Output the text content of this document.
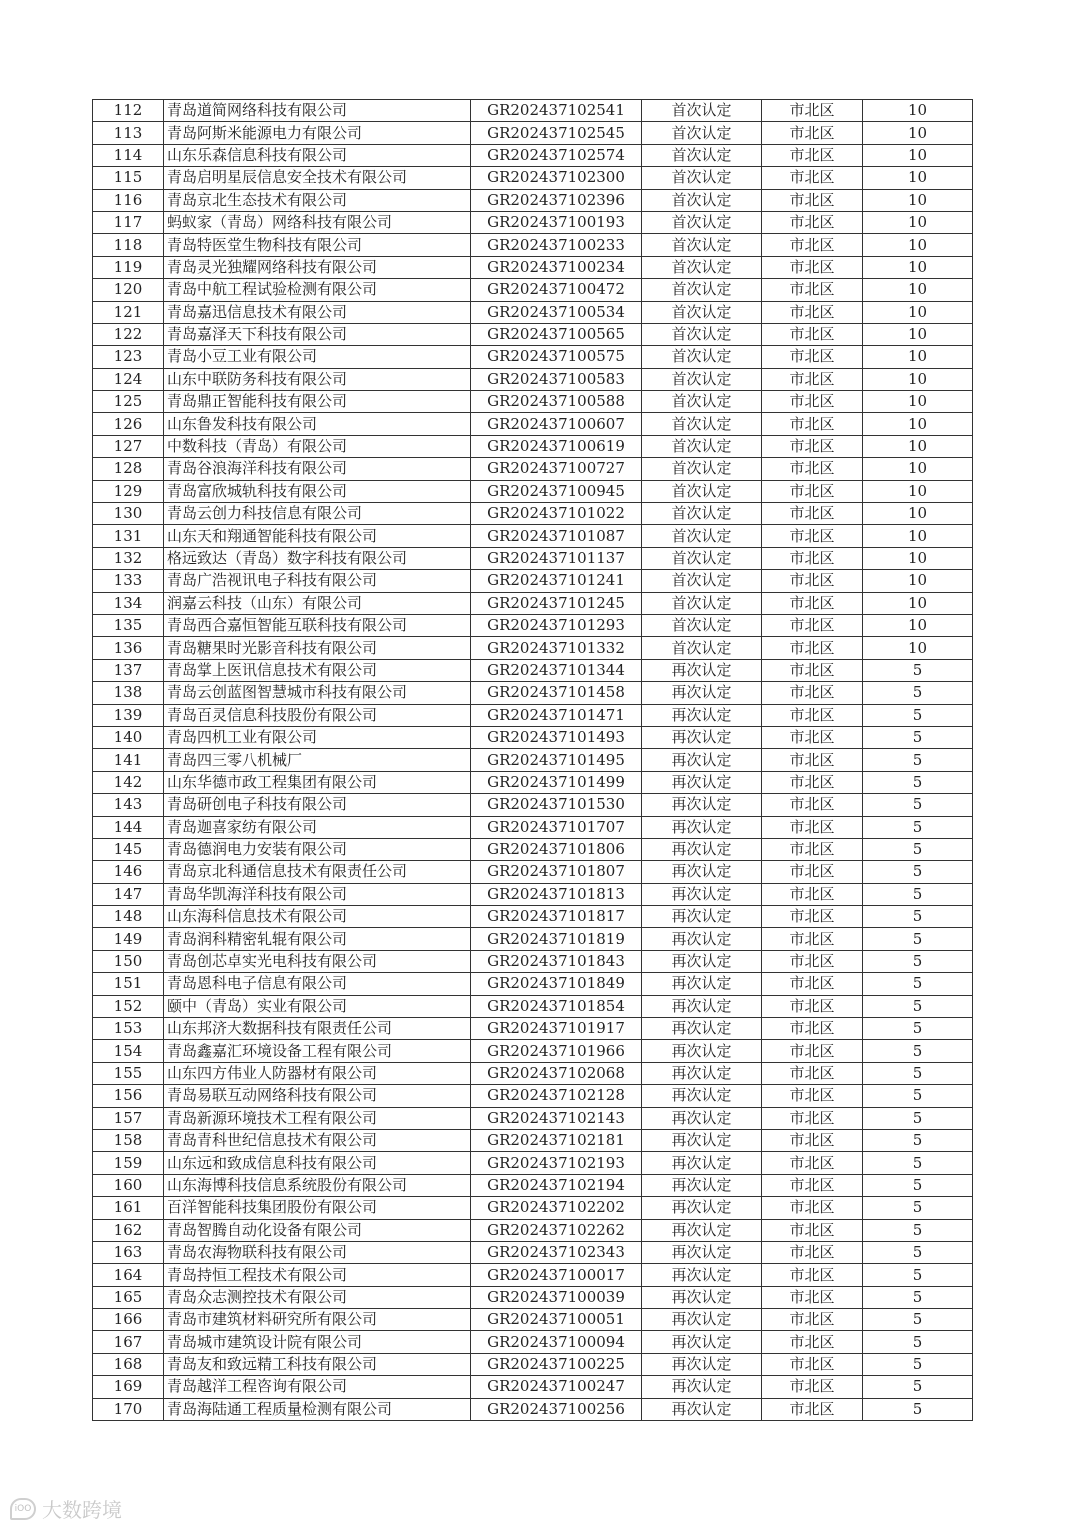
112	青岛道简网络科技有限公司	GR202437102541	首次认定	市北区	10
113	青岛阿斯米能源电力有限公司	GR202437102545	首次认定	市北区	10
114	山东乐森信息科技有限公司	GR202437102574	首次认定	市北区	10
115	青岛启明星辰信息安全技术有限公司	GR202437102300	首次认定	市北区	10
116	青岛京北生态技术有限公司	GR202437102396	首次认定	市北区	10
117	蚂蚁家（青岛）网络科技有限公司	GR202437100193	首次认定	市北区	10
118	青岛特医堂生物科技有限公司	GR202437100233	首次认定	市北区	10
119	青岛灵光独耀网络科技有限公司	GR202437100234	首次认定	市北区	10
120	青岛中航工程试验检测有限公司	GR202437100472	首次认定	市北区	10
121	青岛嘉迅信息技术有限公司	GR202437100534	首次认定	市北区	10
122	青岛嘉泽天下科技有限公司	GR202437100565	首次认定	市北区	10
123	青岛小豆工业有限公司	GR202437100575	首次认定	市北区	10
124	山东中联防务科技有限公司	GR202437100583	首次认定	市北区	10
125	青岛鼎正智能科技有限公司	GR202437100588	首次认定	市北区	10
126	山东鲁发科技有限公司	GR202437100607	首次认定	市北区	10
127	中数科技（青岛）有限公司	GR202437100619	首次认定	市北区	10
128	青岛谷浪海洋科技有限公司	GR202437100727	首次认定	市北区	10
129	青岛富欣城轨科技有限公司	GR202437100945	首次认定	市北区	10
130	青岛云创力科技信息有限公司	GR202437101022	首次认定	市北区	10
131	山东天和翔通智能科技有限公司	GR202437101087	首次认定	市北区	10
132	格远致达（青岛）数字科技有限公司	GR202437101137	首次认定	市北区	10
133	青岛广浩视讯电子科技有限公司	GR202437101241	首次认定	市北区	10
134	润嘉云科技（山东）有限公司	GR202437101245	首次认定	市北区	10
135	青岛西合嘉恒智能互联科技有限公司	GR202437101293	首次认定	市北区	10
136	青岛糖果时光影音科技有限公司	GR202437101332	首次认定	市北区	10
137	青岛掌上医讯信息技术有限公司	GR202437101344	再次认定	市北区	5
138	青岛云创蓝图智慧城市科技有限公司	GR202437101458	再次认定	市北区	5
139	青岛百灵信息科技股份有限公司	GR202437101471	再次认定	市北区	5
140	青岛四机工业有限公司	GR202437101493	再次认定	市北区	5
141	青岛四三零八机械厂	GR202437101495	再次认定	市北区	5
142	山东华德市政工程集团有限公司	GR202437101499	再次认定	市北区	5
143	青岛研创电子科技有限公司	GR202437101530	再次认定	市北区	5
144	青岛迦喜家纺有限公司	GR202437101707	再次认定	市北区	5
145	青岛德润电力安装有限公司	GR202437101806	再次认定	市北区	5
146	青岛京北科通信息技术有限责任公司	GR202437101807	再次认定	市北区	5
147	青岛华凯海洋科技有限公司	GR202437101813	再次认定	市北区	5
148	山东海科信息技术有限公司	GR202437101817	再次认定	市北区	5
149	青岛润科精密轧辊有限公司	GR202437101819	再次认定	市北区	5
150	青岛创芯卓实光电科技有限公司	GR202437101843	再次认定	市北区	5
151	青岛恩科电子信息有限公司	GR202437101849	再次认定	市北区	5
152	颐中（青岛）实业有限公司	GR202437101854	再次认定	市北区	5
153	山东邦济大数据科技有限责任公司	GR202437101917	再次认定	市北区	5
154	青岛鑫嘉汇环境设备工程有限公司	GR202437101966	再次认定	市北区	5
155	山东四方伟业人防器材有限公司	GR202437102068	再次认定	市北区	5
156	青岛易联互动网络科技有限公司	GR202437102128	再次认定	市北区	5
157	青岛新源环境技术工程有限公司	GR202437102143	再次认定	市北区	5
158	青岛青科世纪信息技术有限公司	GR202437102181	再次认定	市北区	5
159	山东远和致成信息科技有限公司	GR202437102193	再次认定	市北区	5
160	山东海博科技信息系统股份有限公司	GR202437102194	再次认定	市北区	5
161	百洋智能科技集团股份有限公司	GR202437102202	再次认定	市北区	5
162	青岛智腾自动化设备有限公司	GR202437102262	再次认定	市北区	5
163	青岛农海物联科技有限公司	GR202437102343	再次认定	市北区	5
164	青岛持恒工程技术有限公司	GR202437100017	再次认定	市北区	5
165	青岛众志测控技术有限公司	GR202437100039	再次认定	市北区	5
166	青岛市建筑材料研究所有限公司	GR202437100051	再次认定	市北区	5
167	青岛城市建筑设计院有限公司	GR202437100094	再次认定	市北区	5
168	青岛友和致远精工科技有限公司	GR202437100225	再次认定	市北区	5
169	青岛越洋工程咨询有限公司	GR202437100247	再次认定	市北区	5
170	青岛海陆通工程质量检测有限公司	GR202437100256	再次认定	市北区	5
iOO 大数跨境
